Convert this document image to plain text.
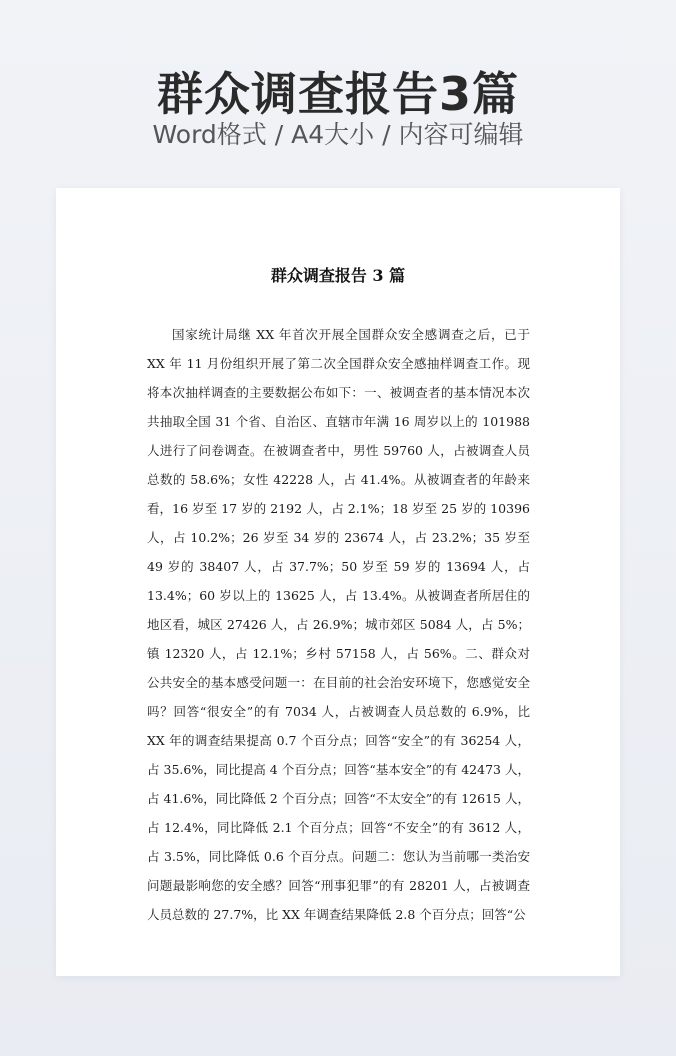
群众调查报告3篇
Word格式 / A4大小 / 内容可编辑
群众调查报告 3 篇

国家统计局继 XX 年首次开展全国群众安全感调查之后，已于 XX 年 11 月份组织开展了第二次全国群众安全感抽样调查工作。现将本次抽样调查的主要数据公布如下：一、被调查者的基本情况本次共抽取全国 31 个省、自治区、直辖市年满 16 周岁以上的 101988 人进行了问卷调查。在被调查者中，男性 59760 人，占被调查人员总数的 58.6%；女性 42228 人，占 41.4%。从被调查者的年龄来看，16 岁至 17 岁的 2192 人，占 2.1%；18 岁至 25 岁的 10396 人，占 10.2%；26 岁至 34 岁的 23674 人，占 23.2%；35 岁至 49 岁的 38407 人，占 37.7%；50 岁至 59 岁的 13694 人，占 13.4%；60 岁以上的 13625 人，占 13.4%。从被调查者所居住的地区看，城区 27426 人，占 26.9%；城市郊区 5084 人，占 5%；镇 12320 人，占 12.1%；乡村 57158 人，占 56%。二、群众对公共安全的基本感受问题一：在目前的社会治安环境下，您感觉安全吗？回答“很安全”的有 7034 人，占被调查人员总数的 6.9%，比 XX 年的调查结果提高 0.7 个百分点；回答“安全”的有 36254 人，占 35.6%，同比提高 4 个百分点；回答“基本安全”的有 42473 人，占 41.6%，同比降低 2 个百分点；回答“不太安全”的有 12615 人，占 12.4%，同比降低 2.1 个百分点；回答“不安全”的有 3612 人，占 3.5%，同比降低 0.6 个百分点。问题二：您认为当前哪一类治安问题最影响您的安全感？回答“刑事犯罪”的有 28201 人，占被调查人员总数的 27.7%，比 XX 年调查结果降低 2.8 个百分点；回答“公
